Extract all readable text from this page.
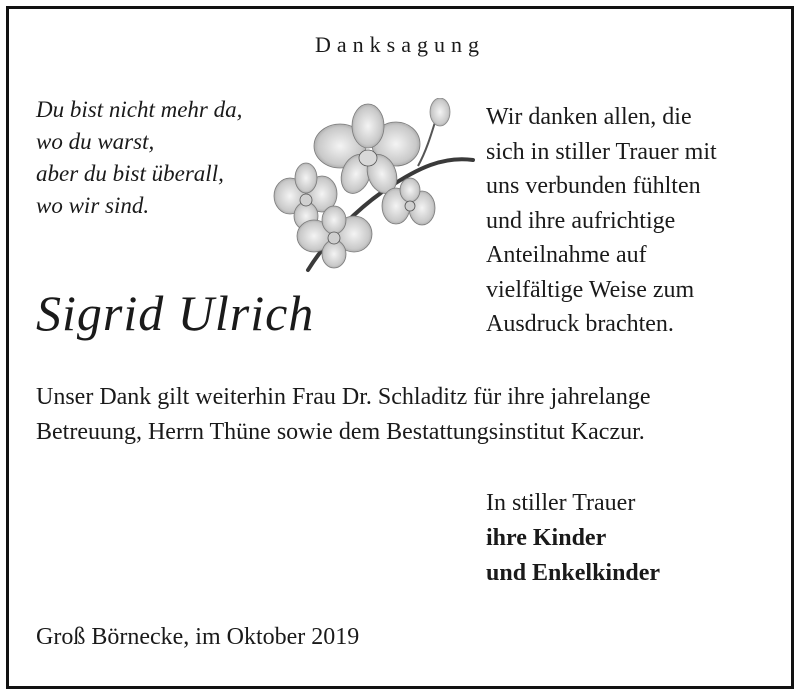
Danksagung
Du bist nicht mehr da,
wo du warst,
aber du bist überall,
wo wir sind.
Sigrid Ulrich
Wir danken allen, die
sich in stiller Trauer mit
uns verbunden fühlten
und ihre aufrichtige
Anteilnahme auf
vielfältige Weise zum
Ausdruck brachten.
Unser Dank gilt weiterhin Frau Dr. Schladitz für ihre jahrelange
Betreuung, Herrn Thüne sowie dem Bestattungsinstitut Kaczur.
In stiller Trauer
ihre Kinder
und Enkelkinder
Groß Börnecke, im Oktober 2019
